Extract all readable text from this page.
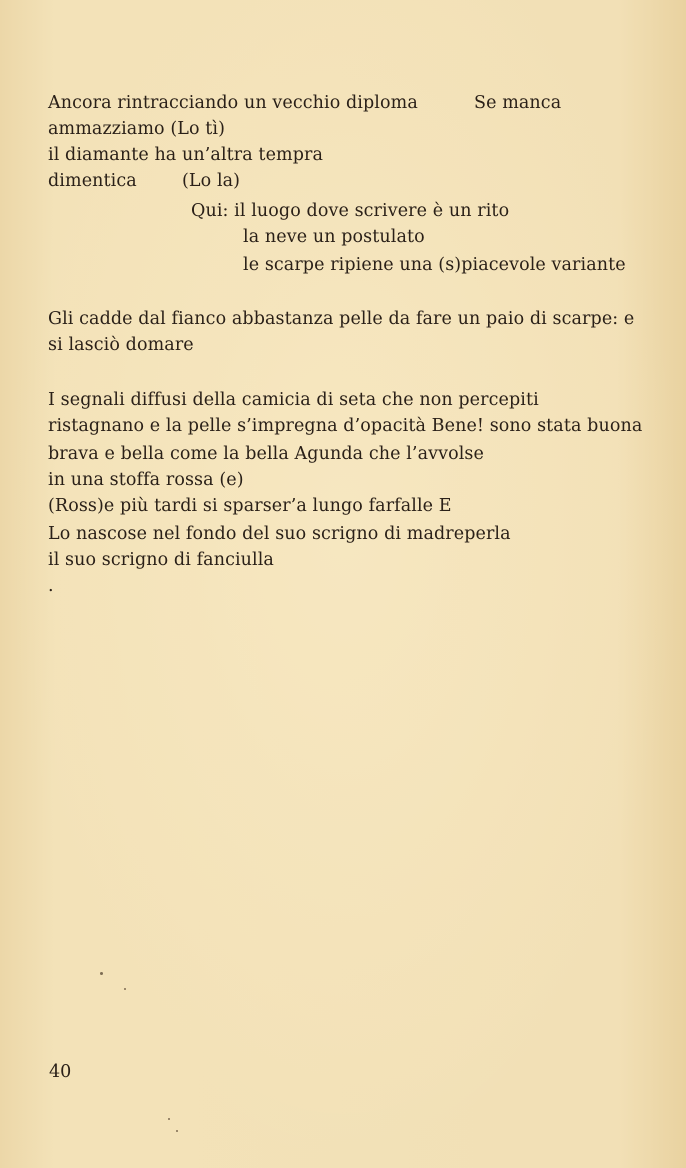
Ancora rintracciando un vecchio diploma	Se manca
ammazziamo (Lo tì)
il diamante ha un’altra tempra
dimentica	(Lo la)
Qui: il luogo dove scrivere è un rito
la neve un postulato
le scarpe ripiene una (s)piacevole variante
Gli cadde dal fianco abbastanza pelle da fare un paio di scarpe: e
si lasciò domare
I segnali diffusi della camicia di seta che non percepiti
ristagnano e la pelle s’impregna d’opacità Bene! sono stata buona
brava e bella come la bella Agunda che l’avvolse
in una stoffa rossa (e)
(Ross)e più tardi si sparser’a lungo farfalle E
Lo nascose nel fondo del suo scrigno di madreperla
il suo scrigno di fanciulla
.
40
